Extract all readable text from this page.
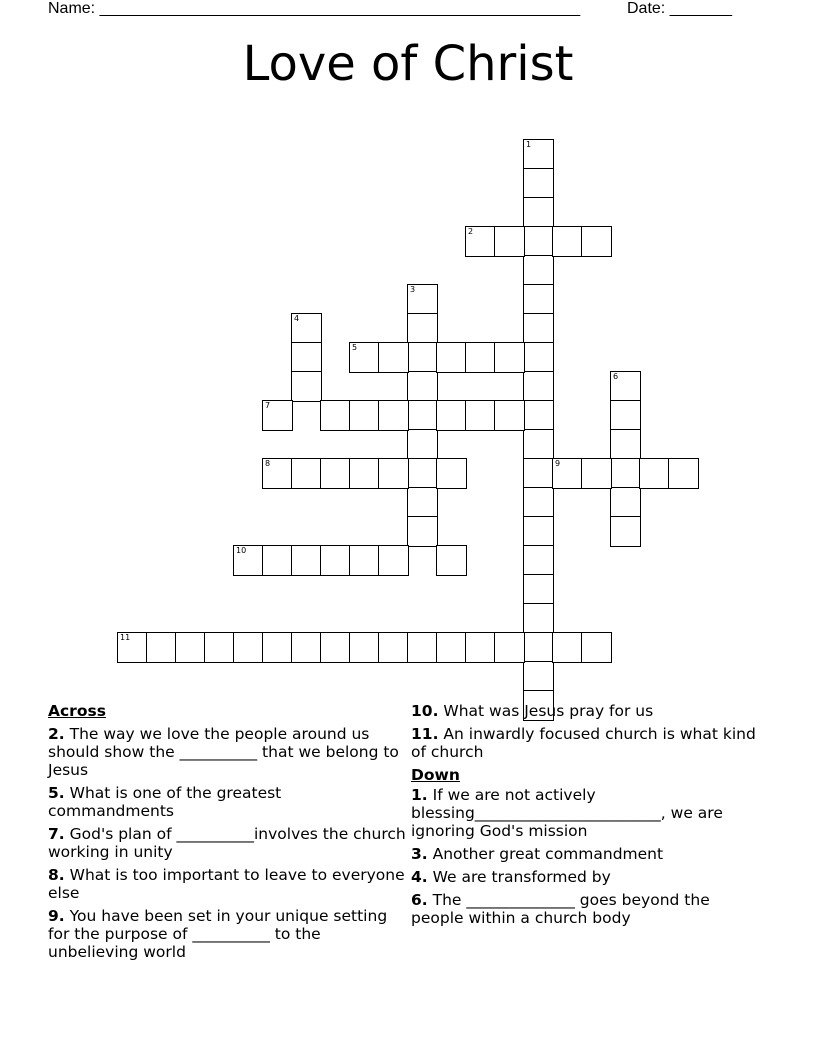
Name: ______________________________________________________	Date: _______
Love of Christ
1
2
3
4
5
6
7
8	9
10
11
Across
2. The way we love the people around us should show the __________ that we belong to Jesus
5. What is one of the greatest commandments
7. God's plan of __________involves the church working in unity
8. What is too important to leave to everyone else
9. You have been set in your unique setting for the purpose of __________ to the unbelieving world
10. What was Jesus pray for us
11. An inwardly focused church is what kind of church
Down
1. If we are not actively blessing________________________, we are ignoring God's mission
3. Another great commandment
4. We are transformed by
6. The ______________ goes beyond the people within a church body
